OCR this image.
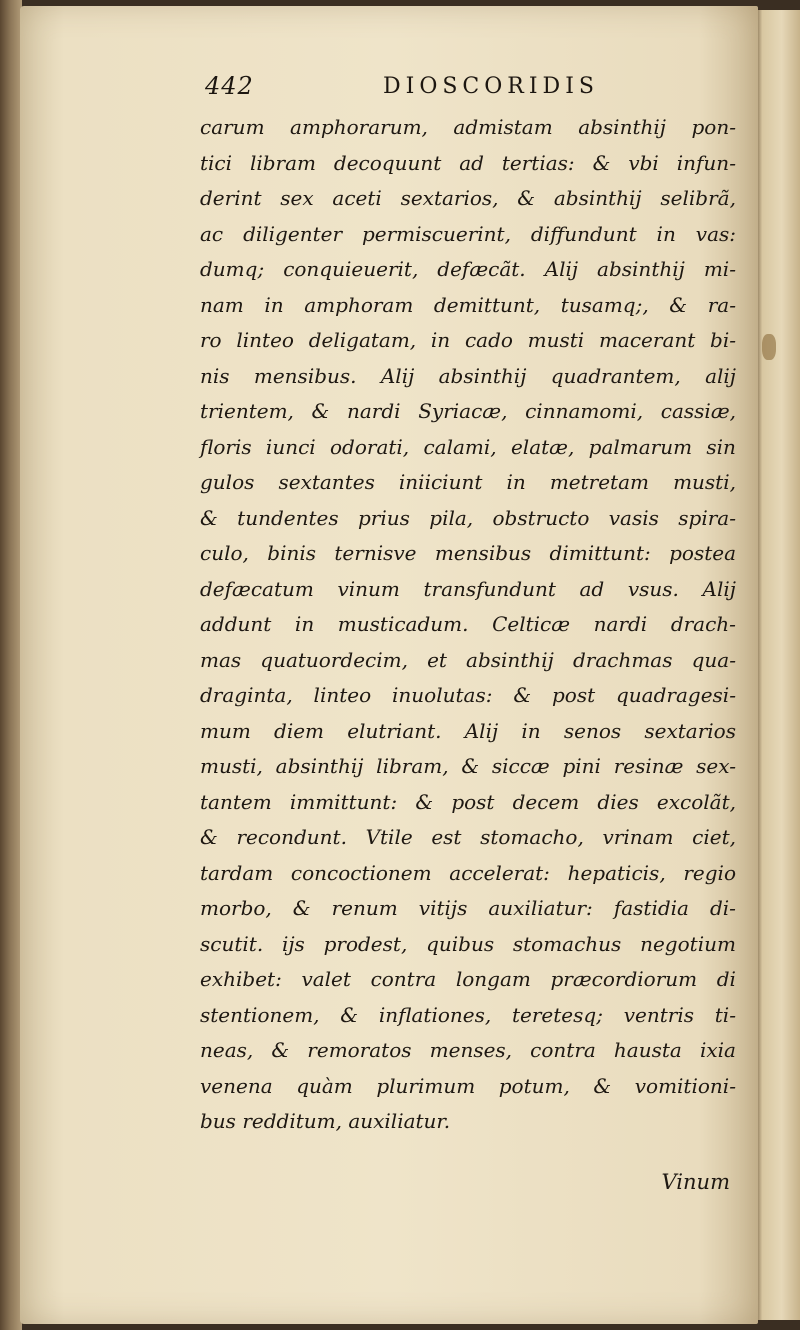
442	DIOSCORIDIS
carum amphorarum, admistam absinthij pon-
tici libram decoquunt ad tertias: & vbi infun-
derint sex aceti sextarios, & absinthij selibrã,
ac diligenter permiscuerint, diffundunt in vas:
dumq; conquieuerit, defæcãt. Alij absinthij mi-
nam in amphoram demittunt, tusamq;, & ra-
ro linteo deligatam, in cado musti macerant bi-
nis mensibus. Alij absinthij quadrantem, alij
trientem, & nardi Syriacæ, cinnamomi, cassiæ,
floris iunci odorati, calami, elatæ, palmarum sin
gulos sextantes iniiciunt in metretam musti,
& tundentes prius pila, obstructo vasis spira-
culo, binis ternisve mensibus dimittunt: postea
defæcatum vinum transfundunt ad vsus. Alij
addunt in musticadum. Celticæ nardi drach-
mas quatuordecim, et absinthij drachmas qua-
draginta, linteo inuolutas: & post quadragesi-
mum diem elutriant. Alij in senos sextarios
musti, absinthij libram, & siccæ pini resinæ sex-
tantem immittunt: & post decem dies excolãt,
& recondunt. Vtile est stomacho, vrinam ciet,
tardam concoctionem accelerat: hepaticis, regio
morbo, & renum vitijs auxiliatur: fastidia di-
scutit. ijs prodest, quibus stomachus negotium
exhibet: valet contra longam præcordiorum di
stentionem, & inflationes, teretesq; ventris ti-
neas, & remoratos menses, contra hausta ixia
venena quàm plurimum potum, & vomitioni-
bus
redditum,
auxiliatur.

Vinum
